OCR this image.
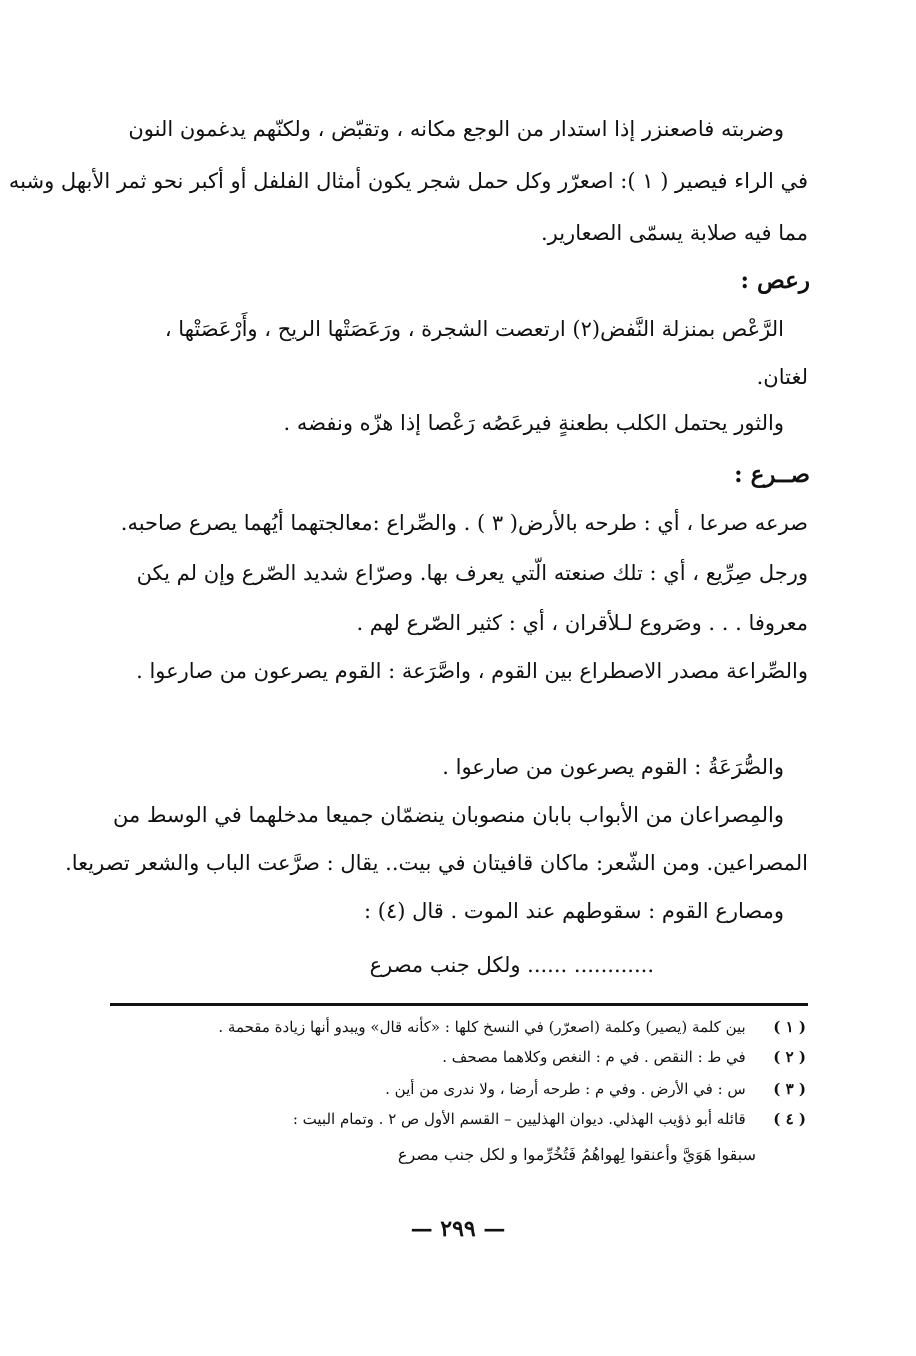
وضربته فاصعنزر إذا استدار من الوجع مكانه ، وتقبّض ، ولكنّهم يدغمون النون

في الراء فيصير ( ١ ): اصعرّر وكل حمل شجر يكون أمثال الفلفل أو أكبر نحو ثمر الأبهل وشبه

مما فيه صلابة يسمّى الصعارير.

رعص :

الرَّعْص بمنزلة النَّفض(٢) ارتعصت الشجرة ، ورَعَصَتْها الريح ، وأَرْعَصَتْها ،

لغتان.

والثور يحتمل الكلب بطعنةٍ فيرعَصُه رَعْصا إذا هزّه ونفضه .

صــرع :

صرعه صرعا ، أي : طرحه بالأرض( ٣ ) . والصِّراع :معالجتهما أيُهما يصرع صاحبه.

ورجل صِرِّيع ، أي : تلك صنعته الّتي يعرف بها. وصرّاع شديد الصّرع وإن لم يكن

معروفا . . . وصَروع لـلأقران ، أي : كثير الصّرع لهم .

والصِّراعة مصدر الاصطراع بين القوم ، واصَّرَعة : القوم يصرعون من صارعوا .

والصُّرَعَةُ : القوم يصرعون من صارعوا .

والمِصراعان من الأبواب بابان منصوبان ينضمّان جميعا مدخلهما في الوسط من

المصراعين. ومن الشّعر: ماكان قافيتان في بيت.. يقال : صرَّعت الباب والشعر تصريعا.

ومصارع القوم : سقوطهم عند الموت . قال (٤) :

............ ...... ولكل جنب مصرع

( ١ )  بين كلمة (يصير) وكلمة (اصعرّر) في النسخ كلها : «كأنه قال» ويبدو أنها زيادة مقحمة .
( ٢ )  في ط : النقص . في م : النغص وكلاهما مصحف .
( ٣ )  س : في الأرض . وفي م : طرحه أرضا ، ولا ندرى من أين .
( ٤ )  قائله أبو ذؤيب الهذلي. ديوان الهذليين – القسم الأول ص ٢ . وتمام البيت :
سبقوا هَوَيَّ وأعنقوا لِهواهُمُ فَتُخُرِّموا و لكل جنب مصرع
— ٢٩٩ —
